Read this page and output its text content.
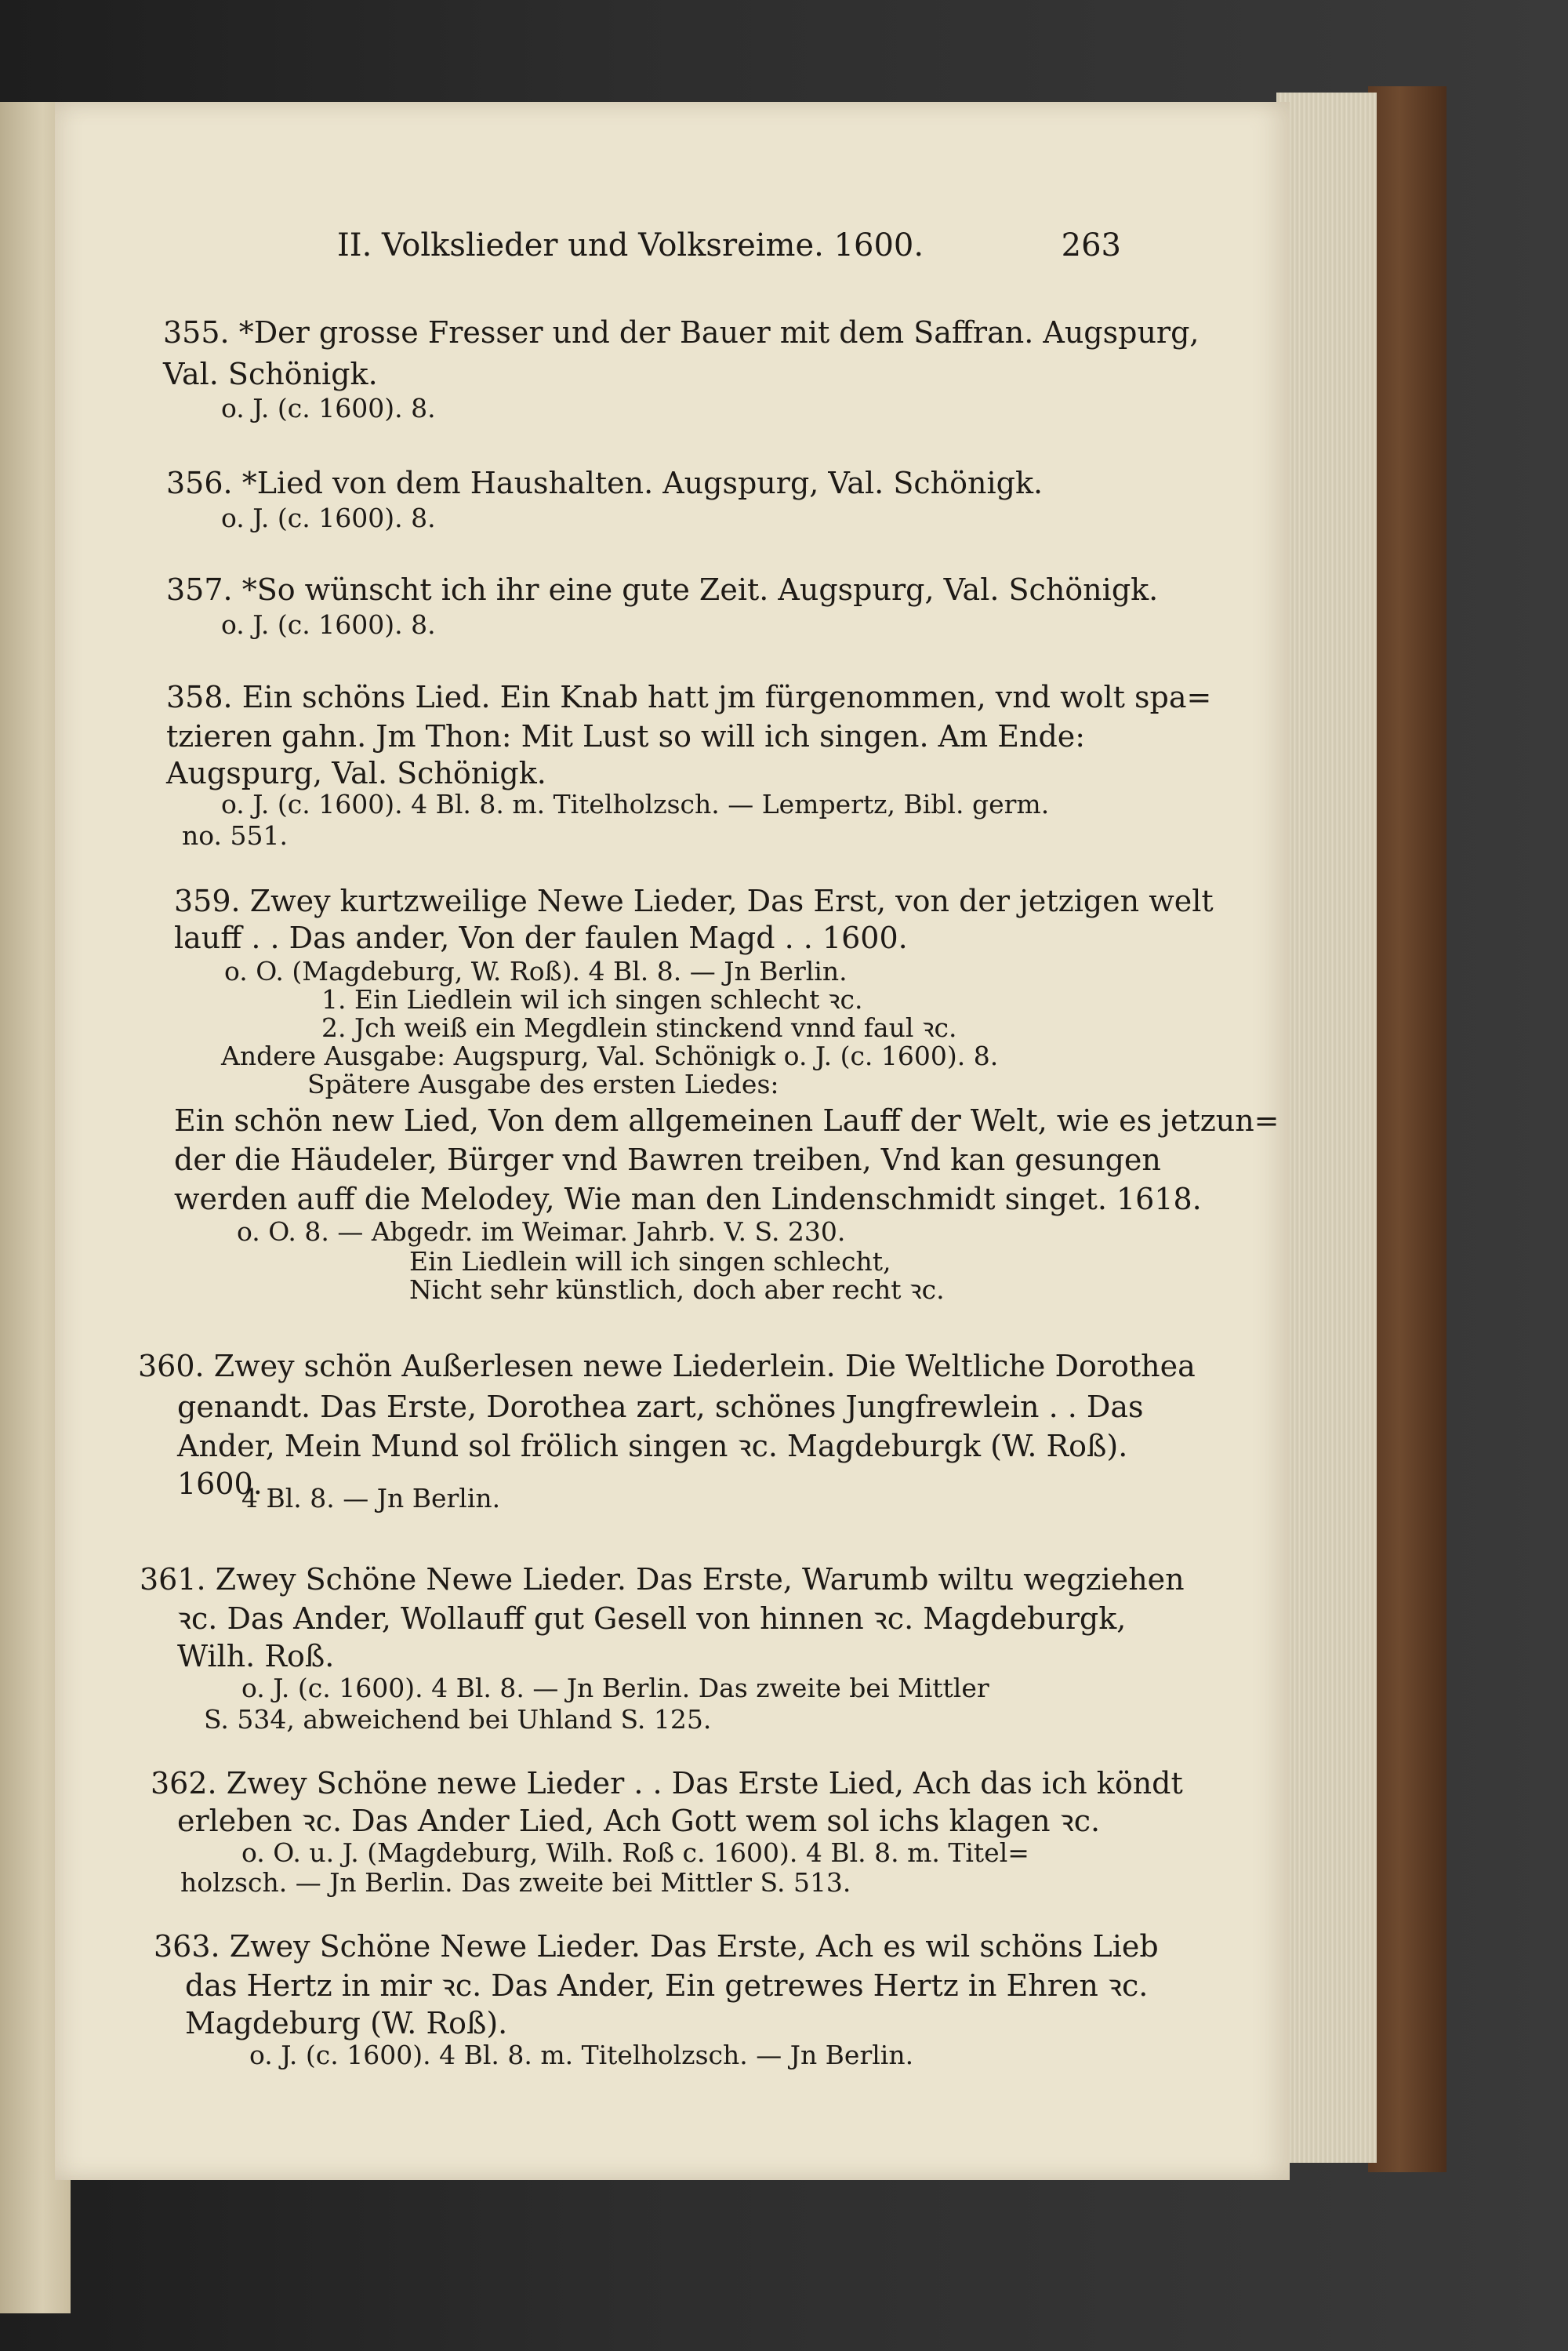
II. Volkslieder und Volksreime. 1600.	263
355. *Der grosse Fresser und der Bauer mit dem Saffran. Augspurg,
Val. Schönigk.
o. J. (c. 1600). 8.
356. *Lied von dem Haushalten. Augspurg, Val. Schönigk.
o. J. (c. 1600). 8.
357. *So wünscht ich ihr eine gute Zeit. Augspurg, Val. Schönigk.
o. J. (c. 1600). 8.
358. Ein schöns Lied. Ein Knab hatt jm fürgenommen, vnd wolt spa=
tzieren gahn. Jm Thon: Mit Lust so will ich singen. Am Ende:
Augspurg, Val. Schönigk.
o. J. (c. 1600). 4 Bl. 8. m. Titelholzsch. — Lempertz, Bibl. germ.
no. 551.
359. Zwey kurtzweilige Newe Lieder, Das Erst, von der jetzigen welt
lauff . . Das ander, Von der faulen Magd . . 1600.
o. O. (Magdeburg, W. Roß). 4 Bl. 8. — Jn Berlin.
1. Ein Liedlein wil ich singen schlecht ꝛc.
2. Jch weiß ein Megdlein stinckend vnnd faul ꝛc.
Andere Ausgabe: Augspurg, Val. Schönigk o. J. (c. 1600). 8.
Spätere Ausgabe des ersten Liedes:
Ein schön new Lied, Von dem allgemeinen Lauff der Welt, wie es jetzun=
der die Häudeler, Bürger vnd Bawren treiben, Vnd kan gesungen
werden auff die Melodey, Wie man den Lindenschmidt singet. 1618.
o. O. 8. — Abgedr. im Weimar. Jahrb. V. S. 230.
Ein Liedlein will ich singen schlecht,
Nicht sehr künstlich, doch aber recht ꝛc.
360. Zwey schön Außerlesen newe Liederlein. Die Weltliche Dorothea
genandt. Das Erste, Dorothea zart, schönes Jungfrewlein . . Das
Ander, Mein Mund sol frölich singen ꝛc. Magdeburgk (W. Roß).
1600.
4 Bl. 8. — Jn Berlin.
361. Zwey Schöne Newe Lieder. Das Erste, Warumb wiltu wegziehen
ꝛc. Das Ander, Wollauff gut Gesell von hinnen ꝛc. Magdeburgk,
Wilh. Roß.
o. J. (c. 1600). 4 Bl. 8. — Jn Berlin. Das zweite bei Mittler
S. 534, abweichend bei Uhland S. 125.
362. Zwey Schöne newe Lieder . . Das Erste Lied, Ach das ich köndt
erleben ꝛc. Das Ander Lied, Ach Gott wem sol ichs klagen ꝛc.
o. O. u. J. (Magdeburg, Wilh. Roß c. 1600). 4 Bl. 8. m. Titel=
holzsch. — Jn Berlin. Das zweite bei Mittler S. 513.
363. Zwey Schöne Newe Lieder. Das Erste, Ach es wil schöns Lieb
das Hertz in mir ꝛc. Das Ander, Ein getrewes Hertz in Ehren ꝛc.
Magdeburg (W. Roß).
o. J. (c. 1600). 4 Bl. 8. m. Titelholzsch. — Jn Berlin.
